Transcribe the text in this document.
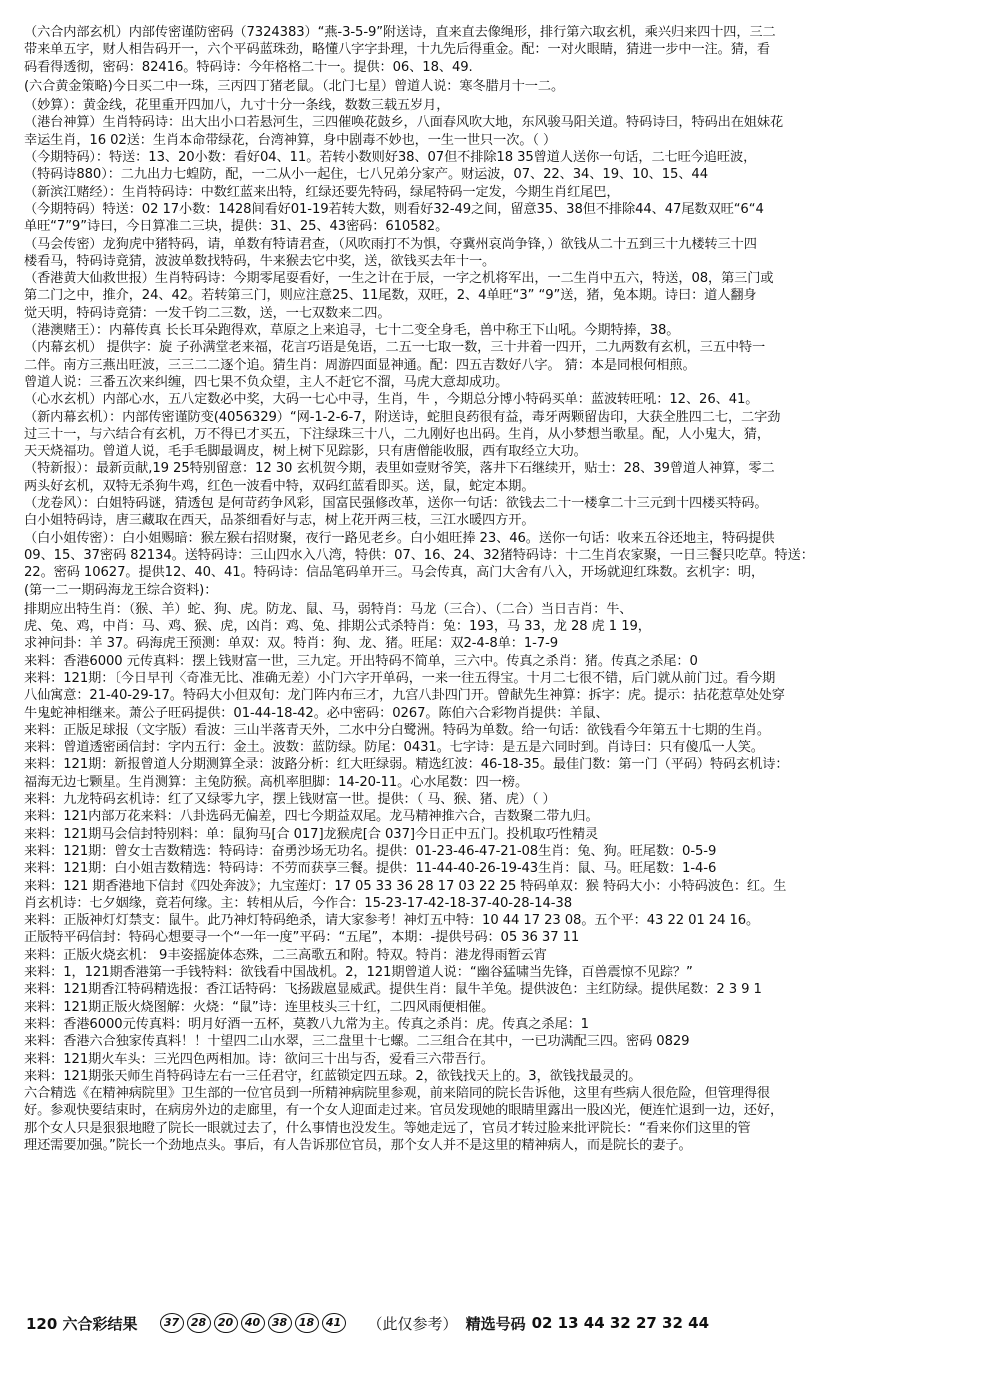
（六合内部玄机）内部传密谨防密码（7324383）“燕-3-5-9”附送诗，直来直去像绳形，排行第六取玄机，乘兴归来四十四，三二
带来单五字，财人相告码开一，六个平码蓝珠劲，略懂八字字卦理，十九先后得重金。配：一对火眼睛，猜进一步中一注。猜，看
码看得透彻，密码：82416。特码诗：今年格格二十一。提供：06、18、49.
(六合黄金策略)今日买二中一珠，三丙四丁猪老鼠。（北门七星）曾道人说：寒冬腊月十一二。
（妙算）：黄金线，花里重开四加八，九寸十分一条线，数数三载五岁月，
（港台神算）生肖特码诗：出大出小口若悬河生，三四催唤花鼓乡，八面春风吹大地，东风骏马阳关道。特码诗曰，特码出在姐妹花
幸运生肖，16 02送：生肖本命带绿花，台湾神算，身中剧毒不妙也，一生一世只一次。（ ）
（今期特码）：特送：13、20小数：看好04、11。若转小数则好38、07但不排除18 35曾道人送你一句话，二七旺今追旺波，
（特码诗880）：二九出力七蝗防，配，一二从小一起住，七八兄弟分家产。财运波，07、22、34、19、10、15、44
（新滨江赌经）：生肖特码诗：中数红蓝来出特，红绿还要先特码，绿尾特码一定发，今期生肖红尾巴，
（今期特码）特送：02 17小数：1428间看好01-19若转大数，则看好32-49之间，留意35、38但不排除44、47尾数双旺“6“4
单旺“7”9”诗曰，今日算准二三块，提供：31、25、43密码：610582。
（马会传密）龙狗虎中猪特码，请，单数有特请君查，（风吹雨打不为惧，夺冀州哀尚争锋，）欲钱从二十五到三十九楼转三十四
楼看马，特码诗竟猜，波波单数找特码，牛来猴去它中奖，送，欲钱买去年十一。
（香港黄大仙救世报）生肖特码诗：今期零尾耍看好，一生之计在于辰，一字之机将军出，一二生肖中五六，特送，08，第三门或
第二门之中，推介，24、42。若转第三门，则应注意25、11尾数，双旺，2、4单旺“3” “9”送，猪，兔本期。诗曰：道人翻身
觉天明，特码诗竟猜：一发千钧二三数，送，一七双数来二四。
（港澳赌王）：内幕传真 长长耳朵跑得欢，草原之上来追寻，七十二变全身毛，兽中称王下山吼。今期特捧，38。
（内幕玄机） 提供字：旋 子孙满堂老来福，花言巧语是兔语，二五一七取一数，三十井着一四开，二九两数有玄机，三五中特一
二伴。南方三燕出旺波，三三二二逐个追。猜生肖：周游四面显神通。配：四五吉数好八字。 猜：本是同根何相煎。
曾道人说：三番五次来纠缠，四七果不负众望，主人不赶它不溜，马虎大意却成功。
（心水玄机）内部心水，五八定数必中奖，大码一七心中寻，生肖，牛 ，今期总分博小特码买单：蓝波转旺吼：12、26、41。
（新内幕玄机）：内部传密谨防变(4056329）“网-1-2-6-7，附送诗，蛇胆良药很有益，毒牙两颗留齿印，大获全胜四二七，二字劲
过三十一，与六结合有玄机，万不得已才买五，下注绿珠三十八，二九刚好也出码。生肖，从小梦想当歌星。配，人小鬼大，猜，
天天烧福功。曾道人说，毛手毛脚最调皮，树上树下见踪影，只有唐僧能收服，西有取经立大功。
（特新报）：最新贡献,19 25特别留意：12 30 玄机贺今期，表里如壹财爷笑，落井下石继续开，贴士：28、39曾道人神算，零二
两头好玄机，双特无杀狗牛鸡，红色一波看中特，双码红蓝看即买。送，鼠，蛇定本期。
（龙卷风）：白姐特码谜，猜透包 是何苛药争风彩，国富民强修改革，送你一句话：欲钱去二十一楼拿二十三元到十四楼买特码。
白小姐特码诗，唐三藏取在西天，品茶细看好与志，树上花开两三枝，三江水暖四方开。
（白小姐传密）：白小姐赐暗：猴左猴右招财聚，夜行一路见老乡。白小姐旺捧 23、46。送你一句话：收来五谷还地主，特码提供
09、15、37密码 82134。送特码诗：三山四水入八湾，特供：07、16、24、32猪特码诗：十二生肖农家聚，一日三餐只吃草。特送：
22。密码 10627。提供12、40、41。特码诗：信品笔码单开三。马会传真，高门大舍有八入，开场就迎红珠数。玄机字：明，
(第一二一期码海龙王综合资料)：
排期应出特生肖：（猴、羊）蛇、狗、虎。防龙、鼠、马，弱特肖：马龙（三合）、（二合）当日吉肖：牛、
虎、兔、鸡，中肖：马、鸡、猴、虎，凶肖：鸡、兔、排期公式杀特肖：兔：193，马 33，龙 28 虎 1 19，
求神问卦：羊 37。码海虎王预测：单双：双。特肖：狗、龙、猪。旺尾：双2-4-8单：1-7-9
来料：香港6000 元传真料：摆上钱财富一世，三九定。开出特码不简单，三六中。传真之杀肖：猪。传真之杀尾：0
来料：121期：〔今日早刊〈奇准无比、准确无差）小门六字开单码，一来一往五得宝。十月二七很不错，后门就从前门过。看今期
八仙寓意：21-40-29-17。特码大小但双旬：龙门阵内布三才，九宫八卦四门开。曾献先生神算：拆字：虎。提示：拈花惹草处处穿
牛鬼蛇神相继来。萧公子旺码提供：01-44-18-42。必中密码：0267。陈伯六合彩物肖提供：羊鼠、
来料：正版足球报（文字版）看波：三山半落青天外，二水中分白鹭洲。特码为单数。给一句话：欲钱看今年第五十七期的生肖。
来料：曾道透密函信封：字内五行：金土。波数：蓝防绿。防尾：0431。七字诗：是五是六同时到。肖诗曰：只有傻瓜一人笑。
来料：121期：新报曾道人分期测算全录：波路分析：红大旺绿弱。精选红波：46-18-35。最佳门数：第一门（平码）特码玄机诗：
福海无边七颗星。生肖测算：主兔防猴。高机率胆脚：14-20-11。心水尾数：四一榜。
来料：九龙特码玄机诗：红了又绿零九字，摆上钱财富一世。提供：（ 马、猴、猪、虎）（ ）
来料：121内部万花来料：八卦选码无偏差，四七今期益双尾。龙马精神推六合，吉数聚二带九归。
来料：121期马会信封特别料：单：鼠狗马[合 017]龙猴虎[合 037]今日正中五门。投机取巧性精灵
来料：121期：曾女士吉数精选：特码诗：奋勇沙场无功名。提供：01-23-46-47-21-08生肖：兔、狗。旺尾数：0-5-9
来料：121期：白小姐吉数精选：特码诗：不劳而获享三餐。提供：11-44-40-26-19-43生肖：鼠、马。旺尾数：1-4-6
来料：121 期香港地下信封《四处奔波》；九宝莲灯：17 05 33 36 28 17 03 22 25 特码单双：猴 特码大小：小特码波色：红。生
肖玄机诗：七夕姻缘，竟若何缘。主：转相从后，今作合：15-23-17-42-18-37-40-28-14-38
来料：正版神灯灯禁支：鼠牛。此乃神灯特码绝杀，请大家参考！神灯五中特：10 44 17 23 08。五个平：43 22 01 24 16。
正版特平码信封：特码心想要寻一个“一年一度”平码：“五尾”，本期：-提供号码：05 36 37 11
来料：正版火烧玄机： 9丰姿摇旋体态殊，二三高歌五和附。特双。特肖：港龙得雨暂云宵
来料：1，121期香港第一手钱特料：欲钱看中国战机。2，121期曾道人说：“幽谷猛啸当先锋，百兽震惊不见踪？”
来料：121期香江特码精选报：香江话特码：飞扬跋扈显威武。提供生肖：鼠牛羊兔。提供波色：主红防绿。提供尾数：2 3 9 1
来料：121期正版火烧图解：火烧：“鼠”诗：连里枝头三十红，二四风雨便相催。
来料：香港6000元传真料：明月好酒一五杯，莫教八九常为主。传真之杀肖：虎。传真之杀尾：1
来料：香港六合独家传真料！！十望四二山水翠，三二盘里十七螺。二三组合在其中，一已功满配三四。密码 0829
来料：121期火车头：三光四色两相加。诗：欲问三十出与否，爱看三六带吾行。
来料：121期张天师生肖特码诗左右一三任君守，红蓝锁定四五球。2，欲钱找天上的。3，欲钱找最灵的。
六合精选《在精神病院里》卫生部的一位官员到一所精神病院里参观，前来陪同的院长告诉他，这里有些病人很危险，但管理得很
好。参观快要结束时，在病房外边的走廊里，有一个女人迎面走过来。官员发现她的眼睛里露出一股凶光，便连忙退到一边，还好，
那个女人只是狠狠地瞪了院长一眼就过去了，什么事情也没发生。等她走远了，官员才转过脸来批评院长：“看来你们这里的管
理还需要加强。”院长一个劲地点头。事后，有人告诉那位官员，那个女人并不是这里的精神病人，而是院长的妻子。
120 六合彩结果	37	28	20	40	38	18	41 （此仅参考） 精选号码 02 13 44 32 27 32 44
